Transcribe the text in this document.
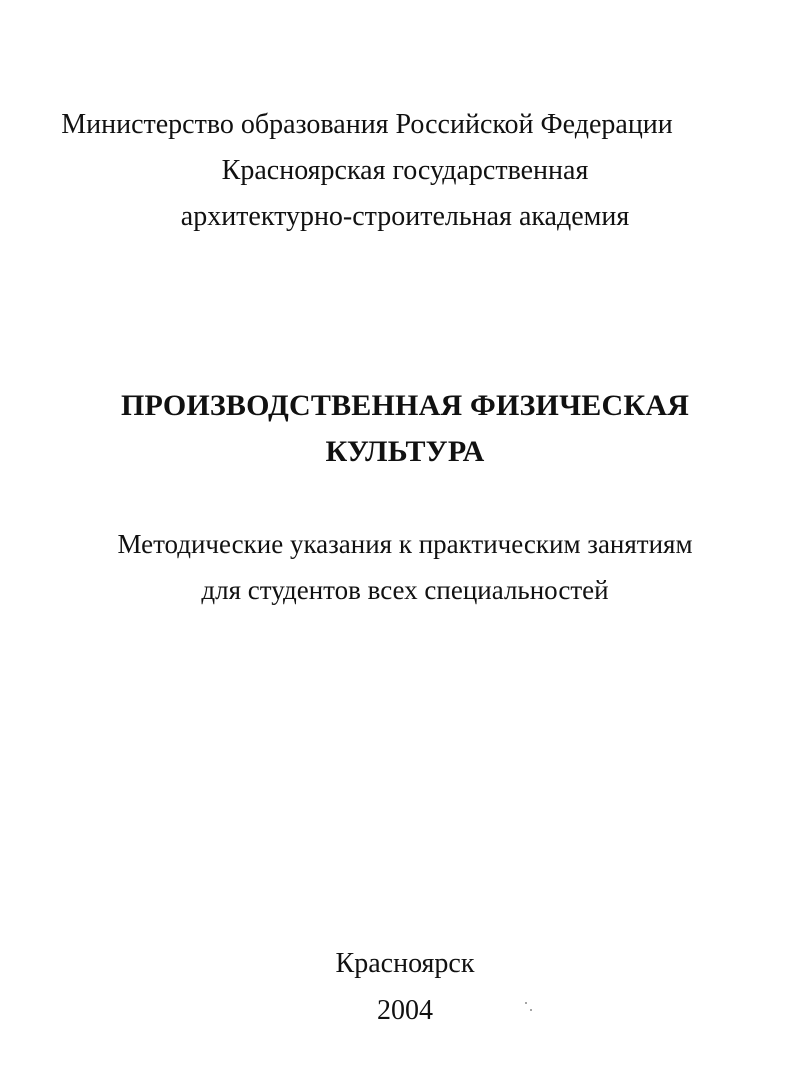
Министерство образования Российской Федерации
Красноярская государственная
архитектурно-строительная академия
ПРОИЗВОДСТВЕННАЯ ФИЗИЧЕСКАЯ
КУЛЬТУРА
Методические указания к практическим занятиям
для студентов всех специальностей
Красноярск
2004
